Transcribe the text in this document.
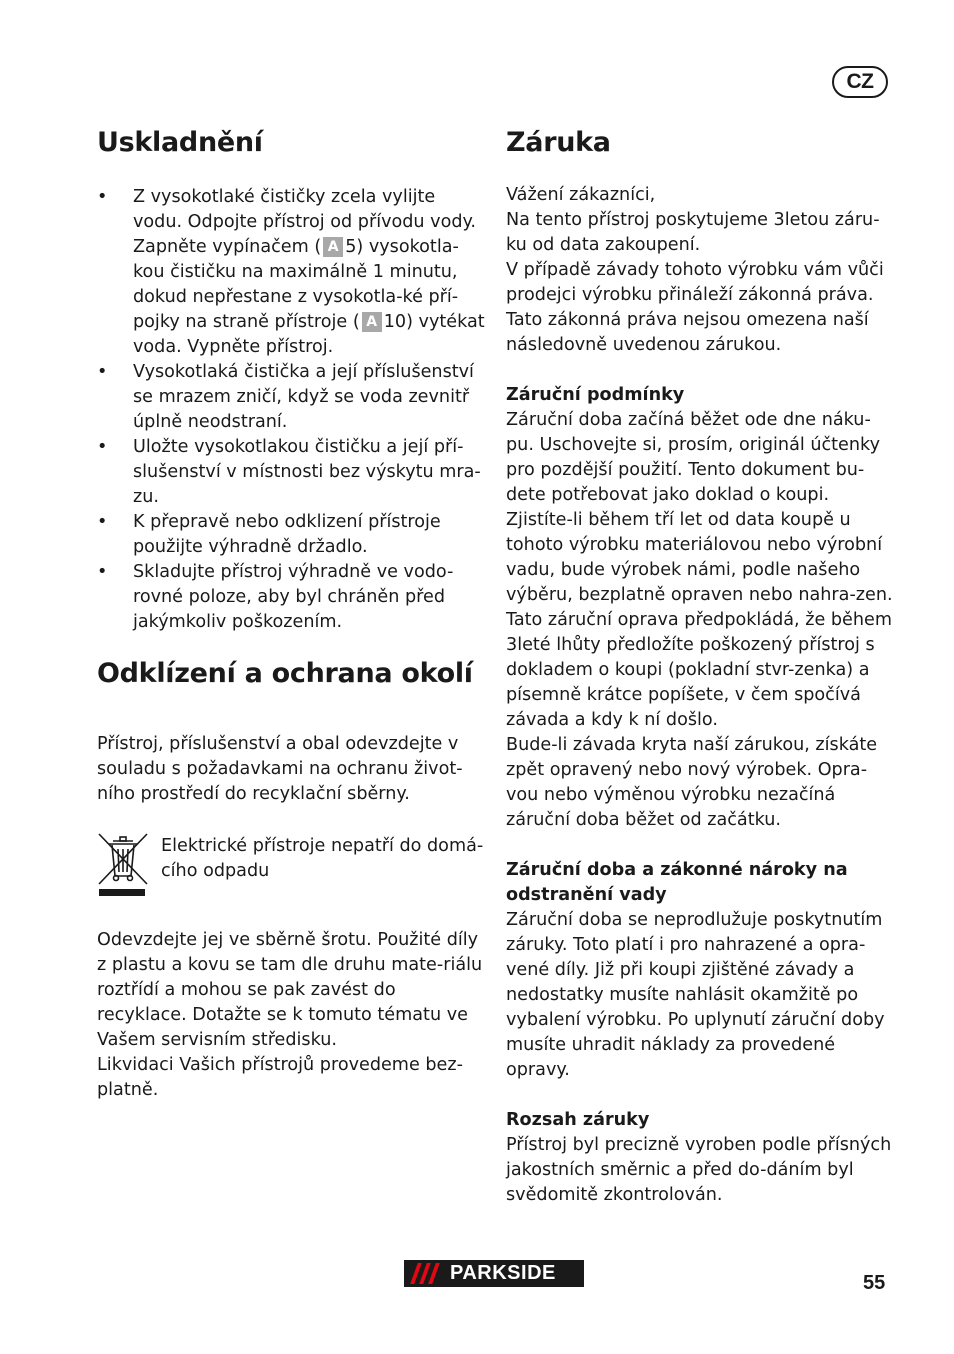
CZ
Uskladnění
• Z vysokotlaké čističky zcela vylijte vodu. Odpojte přístroj od přívodu vody. Zapněte vypínačem ( A 5) vysokotla-kou čističku na maximálně 1 minutu, dokud nepřestane z vysokotla-ké pří-pojky na straně přístroje ( A 10) vytékat voda. Vypněte přístroj.
• Vysokotlaká čistička a její příslušenství se mrazem zničí, když se voda zevnitř úplně neodstraní.
• Uložte vysokotlakou čističku a její pří-slušenství v místnosti bez výskytu mra-zu.
• K přepravě nebo odklizení přístroje použijte výhradně držadlo.
• Skladujte přístroj výhradně ve vodo-rovné poloze, aby byl chráněn před jakýmkoliv poškozením.
Odklízení a ochrana okolí

Přístroj, příslušenství a obal odevzdejte v souladu s požadavkami na ochranu život-ního prostředí do recyklační sběrny.

Elektrické přístroje nepatří do domá-cího odpadu

Odevzdejte jej ve sběrně šrotu. Použité díly z plastu a kovu se tam dle druhu mate-riálu roztřídí a mohou se pak zavést do recyklace. Dotažte se k tomuto tématu ve Vašem servisním středisku.

Likvidaci Vašich přístrojů provedeme bez-platně.

Záruka

Vážení zákazníci,

Na tento přístroj poskytujeme 3letou záru-ku od data zakoupení.

V případě závady tohoto výrobku vám vůči prodejci výrobku přináleží zákonná práva. Tato zákonná práva nejsou omezena naší následovně uvedenou zárukou.

Záruční podmínky

Záruční doba začíná běžet ode dne náku-pu. Uschovejte si, prosím, originál účtenky pro pozdější použití. Tento dokument bu-dete potřebovat jako doklad o koupi.

Zjistíte-li během tří let od data koupě u tohoto výrobku materiálovou nebo výrobní vadu, bude výrobek námi, podle našeho výběru, bezplatně opraven nebo nahra-zen. Tato záruční oprava předpokládá, že během 3leté lhůty předložíte poškozený přístroj s dokladem o koupi (pokladní stvr-zenka) a písemně krátce popíšete, v čem spočívá závada a kdy k ní došlo.

Bude-li závada kryta naší zárukou, získáte zpět opravený nebo nový výrobek. Opra-vou nebo výměnou výrobku nezačíná záruční doba běžet od začátku.

Záruční doba a zákonné nároky na odstranění vady

Záruční doba se neprodlužuje poskytnutím záruky. Toto platí i pro nahrazené a opra-vené díly. Již při koupi zjištěné závady a nedostatky musíte nahlásit okamžitě po vybalení výrobku. Po uplynutí záruční doby musíte uhradit náklady za provedené opravy.

Rozsah záruky

Přístroj byl precizně vyroben podle přísných jakostních směrnic a před do-dáním byl svědomitě zkontrolován.

PARKSIDE	55
